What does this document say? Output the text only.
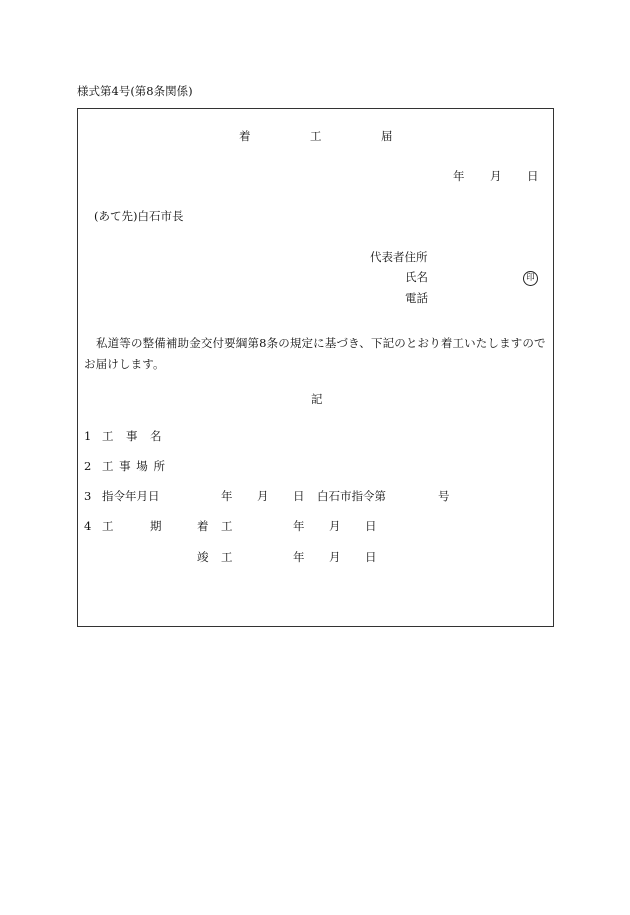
様式第4号(第8条関係)
着	工	届
年 月 日
(あて先)白石市長
代表者住所
氏名	印
電話
私道等の整備補助金交付要綱第8条の規定に基づき、下記のとおり着工いたしますのでお届けします。
記
1 工 事 名
2 工 事 場 所
3 指令年月日	年 月 日 白石市指令第	号
4 工	期	着 工	年 月 日
竣 工	年 月 日
